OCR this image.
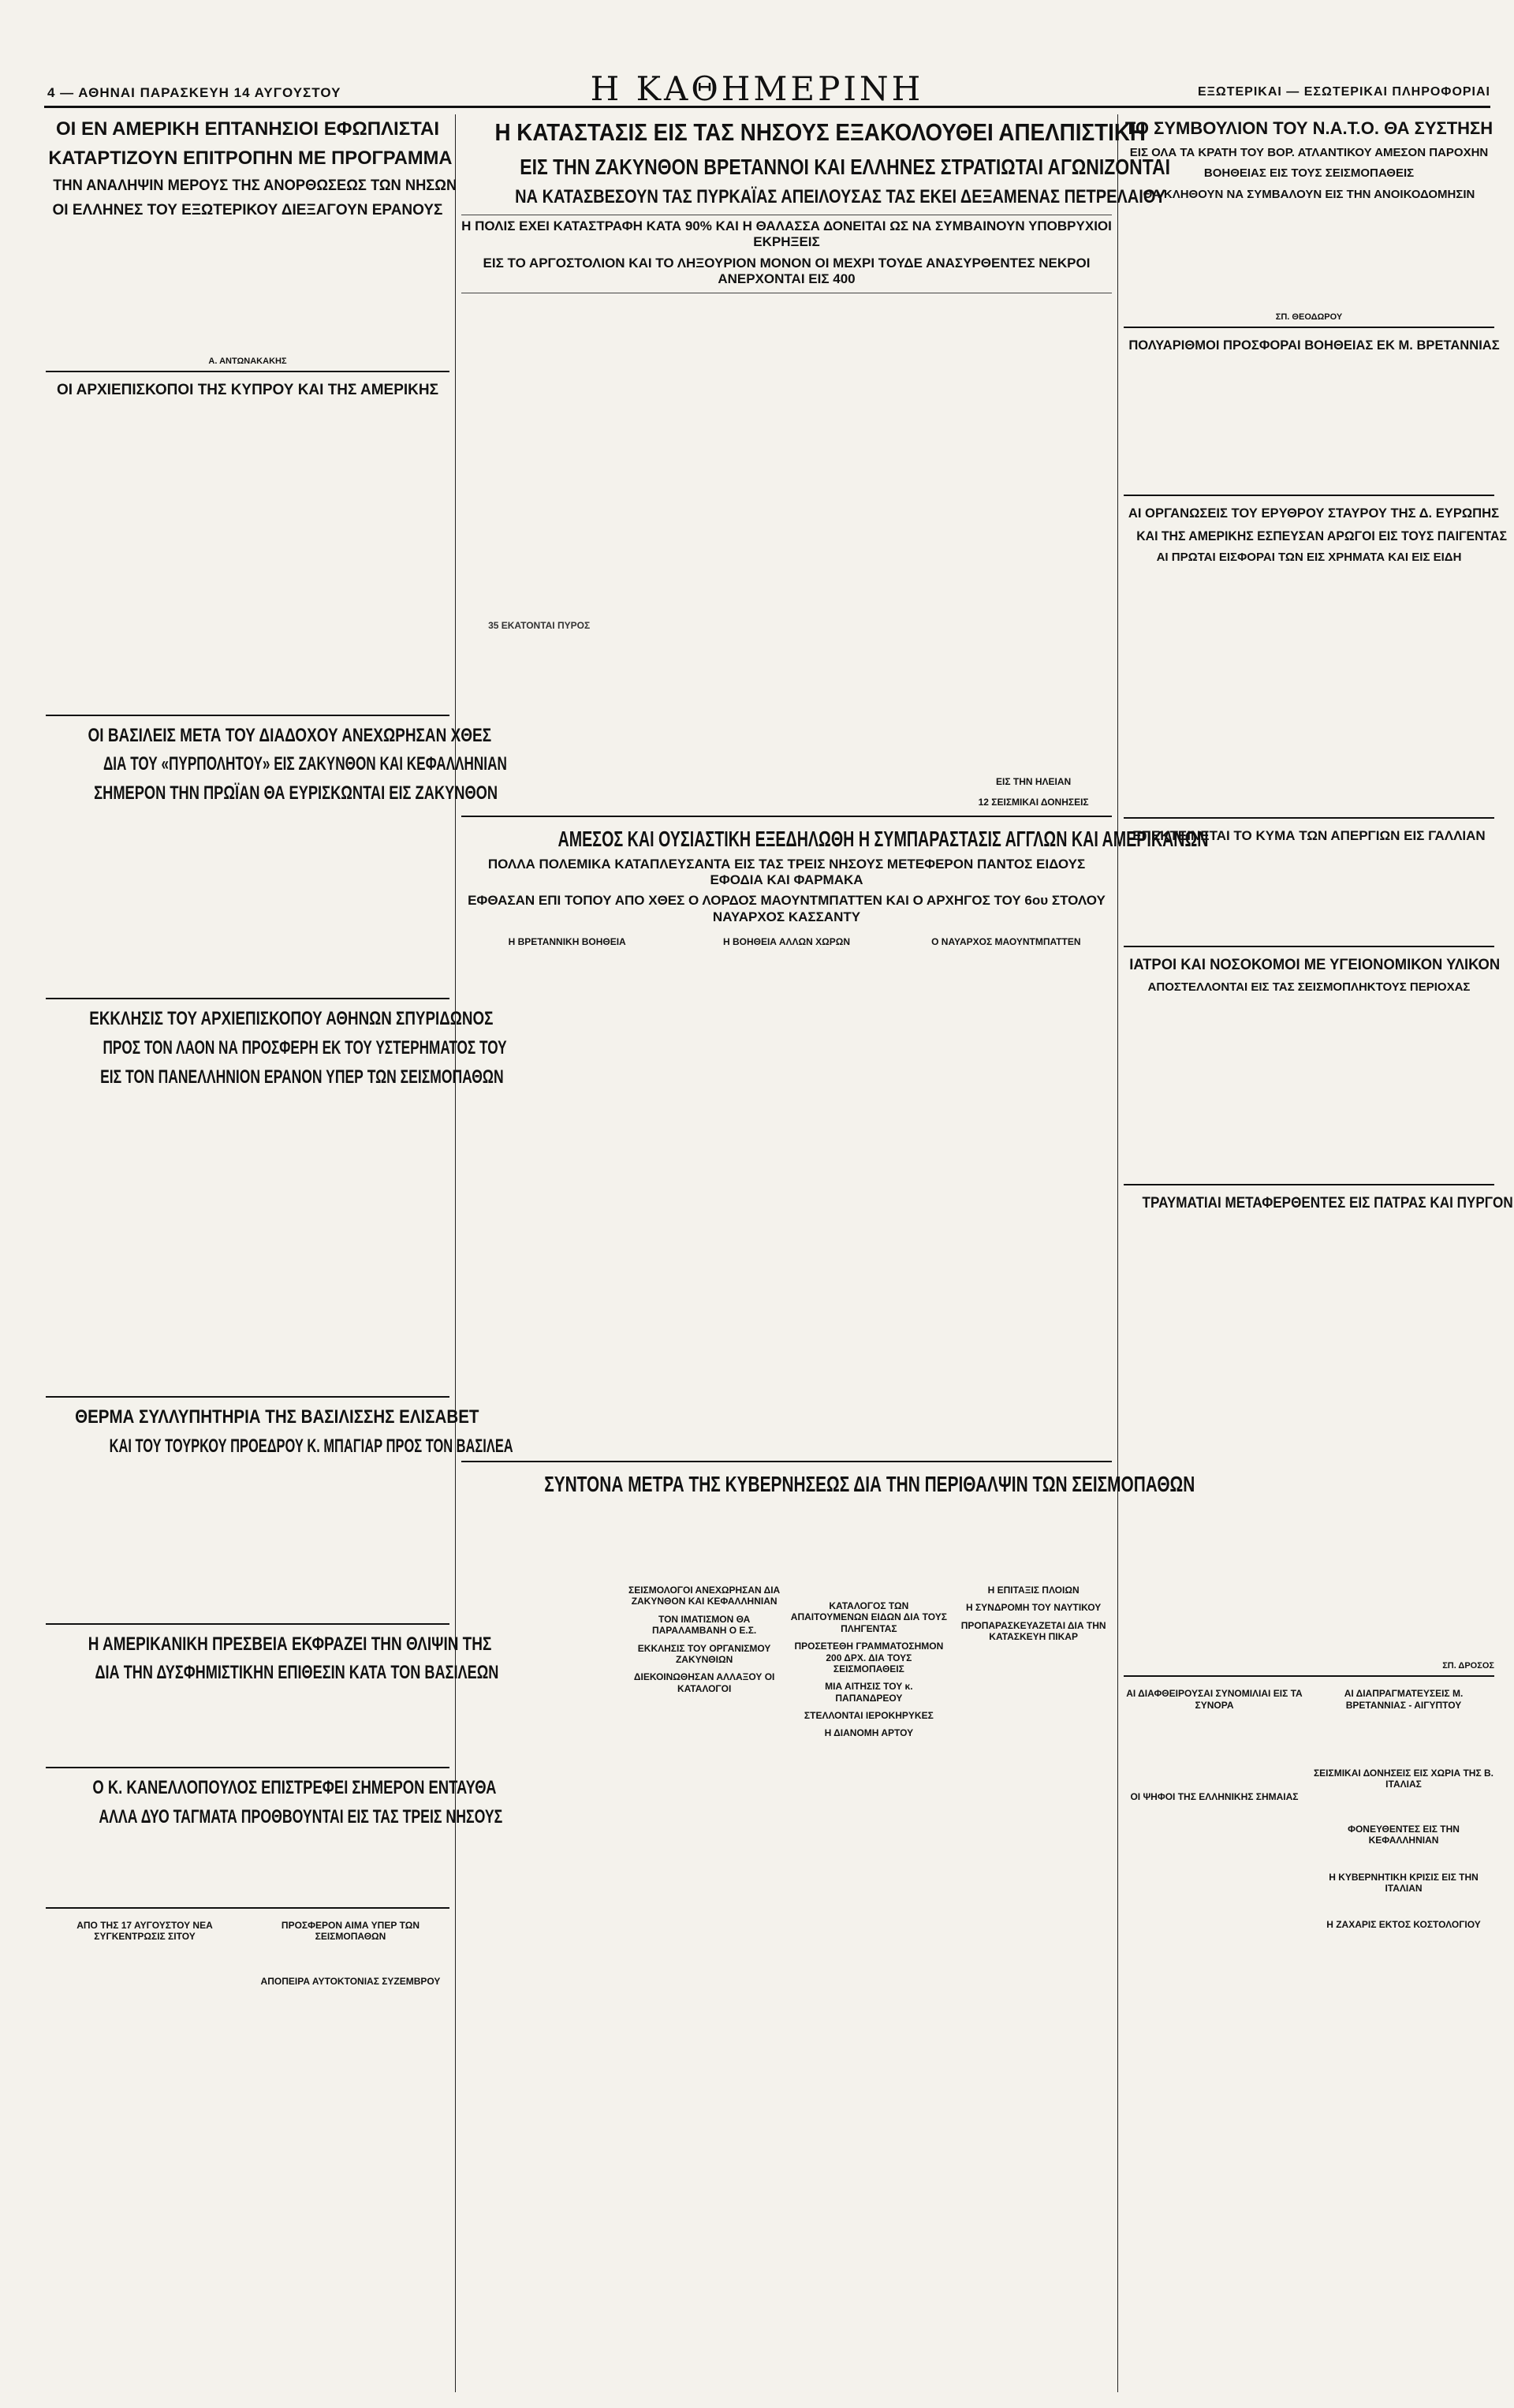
4 — ΑΘΗΝΑΙ ΠΑΡΑΣΚΕΥΗ 14 ΑΥΓΟΥΣΤΟΥ	Η ΚΑΘΗΜΕΡΙΝΗ	ΕΞΩΤΕΡΙΚΑΙ — ΕΣΩΤΕΡΙΚΑΙ ΠΛΗΡΟΦΟΡΙΑΙ
ΟΙ ΕΝ ΑΜΕΡΙΚΗ ΕΠΤΑΝΗΣΙΟΙ ΕΦΩΠΛΙΣΤΑΙ
ΚΑΤΑΡΤΙΖΟΥΝ ΕΠΙΤΡΟΠΗΝ ΜΕ ΠΡΟΓΡΑΜΜΑ
ΤΗΝ ΑΝΑΛΗΨΙΝ ΜΕΡΟΥΣ ΤΗΣ ΑΝΟΡΘΩΣΕΩΣ ΤΩΝ ΝΗΣΩΝ
ΟΙ ΕΛΛΗΝΕΣ ΤΟΥ ΕΞΩΤΕΡΙΚΟΥ ΔΙΕΞΑΓΟΥΝ ΕΡΑΝΟΥΣ
Α. ΑΝΤΩΝΑΚΑΚΗΣ
ΟΙ ΑΡΧΙΕΠΙΣΚΟΠΟΙ ΤΗΣ ΚΥΠΡΟΥ ΚΑΙ ΤΗΣ ΑΜΕΡΙΚΗΣ
ΟΙ ΒΑΣΙΛΕΙΣ ΜΕΤΑ ΤΟΥ ΔΙΑΔΟΧΟΥ ΑΝΕΧΩΡΗΣΑΝ ΧΘΕΣ
ΔΙΑ ΤΟΥ «ΠΥΡΠΟΛΗΤΟΥ» ΕΙΣ ΖΑΚΥΝΘΟΝ ΚΑΙ ΚΕΦΑΛΛΗΝΙΑΝ
ΣΗΜΕΡΟΝ ΤΗΝ ΠΡΩΪΑΝ ΘΑ ΕΥΡΙΣΚΩΝΤΑΙ ΕΙΣ ΖΑΚΥΝΘΟΝ
ΕΚΚΛΗΣΙΣ ΤΟΥ ΑΡΧΙΕΠΙΣΚΟΠΟΥ ΑΘΗΝΩΝ ΣΠΥΡΙΔΩΝΟΣ
ΠΡΟΣ ΤΟΝ ΛΑΟΝ ΝΑ ΠΡΟΣΦΕΡΗ ΕΚ ΤΟΥ ΥΣΤΕΡΗΜΑΤΟΣ ΤΟΥ
ΕΙΣ ΤΟΝ ΠΑΝΕΛΛΗΝΙΟΝ ΕΡΑΝΟΝ ΥΠΕΡ ΤΩΝ ΣΕΙΣΜΟΠΑΘΩΝ
ΘΕΡΜΑ ΣΥΛΛΥΠΗΤΗΡΙΑ ΤΗΣ ΒΑΣΙΛΙΣΣΗΣ ΕΛΙΣΑΒΕΤ
ΚΑΙ ΤΟΥ ΤΟΥΡΚΟΥ ΠΡΟΕΔΡΟΥ Κ. ΜΠΑΓΙΑΡ ΠΡΟΣ ΤΟΝ ΒΑΣΙΛΕΑ
Η ΑΜΕΡΙΚΑΝΙΚΗ ΠΡΕΣΒΕΙΑ ΕΚΦΡΑΖΕΙ ΤΗΝ ΘΛΙΨΙΝ ΤΗΣ
ΔΙΑ ΤΗΝ ΔΥΣΦΗΜΙΣΤΙΚΗΝ ΕΠΙΘΕΣΙΝ ΚΑΤΑ ΤΟΝ ΒΑΣΙΛΕΩΝ
Ο Κ. ΚΑΝΕΛΛΟΠΟΥΛΟΣ ΕΠΙΣΤΡΕΦΕΙ ΣΗΜΕΡΟΝ ΕΝΤΑΥΘΑ
ΑΛΛΑ ΔΥΟ ΤΑΓΜΑΤΑ ΠΡΟΘΒΟΥΝΤΑΙ ΕΙΣ ΤΑΣ ΤΡΕΙΣ ΝΗΣΟΥΣ
ΑΠΟ ΤΗΣ 17 ΑΥΓΟΥΣΤΟΥ ΝΕΑ ΣΥΓΚΕΝΤΡΩΣΙΣ ΣΙΤΟΥ
ΠΡΟΣΦΕΡΟΝ ΑΙΜΑ ΥΠΕΡ ΤΩΝ ΣΕΙΣΜΟΠΑΘΩΝ
ΑΠΟΠΕΙΡΑ ΑΥΤΟΚΤΟΝΙΑΣ ΣΥΖΕΜΒΡΟΥ
Η ΚΑΤΑΣΤΑΣΙΣ ΕΙΣ ΤΑΣ ΝΗΣΟΥΣ ΕΞΑΚΟΛΟΥΘΕΙ ΑΠΕΛΠΙΣΤΙΚΗ
ΕΙΣ ΤΗΝ ΖΑΚΥΝΘΟΝ ΒΡΕΤΑΝΝΟΙ ΚΑΙ ΕΛΛΗΝΕΣ ΣΤΡΑΤΙΩΤΑΙ ΑΓΩΝΙΖΟΝΤΑΙ
ΝΑ ΚΑΤΑΣΒΕΣΟΥΝ ΤΑΣ ΠΥΡΚΑΪΑΣ ΑΠΕΙΛΟΥΣΑΣ ΤΑΣ ΕΚΕΙ ΔΕΞΑΜΕΝΑΣ ΠΕΤΡΕΛΑΙΟΥ
Η ΠΟΛΙΣ ΕΧΕΙ ΚΑΤΑΣΤΡΑΦΗ ΚΑΤΑ 90% ΚΑΙ Η ΘΑΛΑΣΣΑ ΔΟΝΕΙΤΑΙ ΩΣ ΝΑ ΣΥΜΒΑΙΝΟΥΝ ΥΠΟΒΡΥΧΙΟΙ ΕΚΡΗΞΕΙΣ
ΕΙΣ ΤΟ ΑΡΓΟΣΤΟΛΙΟΝ ΚΑΙ ΤΟ ΛΗΞΟΥΡΙΟΝ ΜΟΝΟΝ ΟΙ ΜΕΧΡΙ ΤΟΥΔΕ ΑΝΑΣΥΡΘΕΝΤΕΣ ΝΕΚΡΟΙ ΑΝΕΡΧΟΝΤΑΙ ΕΙΣ 400
35 ΕΚΑΤΟΝΤΑΙ ΠΥΡΟΣ
ΕΙΣ ΤΗΝ ΗΛΕΙΑΝ
12 ΣΕΙΣΜΙΚΑΙ ΔΟΝΗΣΕΙΣ
ΑΜΕΣΟΣ ΚΑΙ ΟΥΣΙΑΣΤΙΚΗ ΕΞΕΔΗΛΩΘΗ Η ΣΥΜΠΑΡΑΣΤΑΣΙΣ ΑΓΓΛΩΝ ΚΑΙ ΑΜΕΡΙΚΑΝΩΝ
ΠΟΛΛΑ ΠΟΛΕΜΙΚΑ ΚΑΤΑΠΛΕΥΣΑΝΤΑ ΕΙΣ ΤΑΣ ΤΡΕΙΣ ΝΗΣΟΥΣ ΜΕΤΕΦΕΡΟΝ ΠΑΝΤΟΣ ΕΙΔΟΥΣ ΕΦΟΔΙΑ ΚΑΙ ΦΑΡΜΑΚΑ
ΕΦΘΑΣΑΝ ΕΠΙ ΤΟΠΟΥ ΑΠΟ ΧΘΕΣ Ο ΛΟΡΔΟΣ ΜΑΟΥΝΤΜΠΑΤΤΕΝ ΚΑΙ Ο ΑΡΧΗΓΟΣ ΤΟΥ 6ου ΣΤΟΛΟΥ ΝΑΥΑΡΧΟΣ ΚΑΣΣΑΝΤΥ
Η ΒΡΕΤΑΝΝΙΚΗ ΒΟΗΘΕΙΑ	Η ΒΟΗΘΕΙΑ ΑΛΛΩΝ ΧΩΡΩΝ	Ο ΝΑΥΑΡΧΟΣ ΜΑΟΥΝΤΜΠΑΤΤΕΝ
ΣΥΝΤΟΝΑ ΜΕΤΡΑ ΤΗΣ ΚΥΒΕΡΝΗΣΕΩΣ ΔΙΑ ΤΗΝ ΠΕΡΙΘΑΛΨΙΝ ΤΩΝ ΣΕΙΣΜΟΠΑΘΩΝ
ΣΕΙΣΜΟΛΟΓΟΙ ΑΝΕΧΩΡΗΣΑΝ ΔΙΑ ΖΑΚΥΝΘΟΝ ΚΑΙ ΚΕΦΑΛΛΗΝΙΑΝ
ΤΟΝ ΙΜΑΤΙΣΜΟΝ ΘΑ ΠΑΡΑΛΑΜΒΑΝΗ Ο Ε.Σ.
ΕΚΚΛΗΣΙΣ ΤΟΥ ΟΡΓΑΝΙΣΜΟΥ ΖΑΚΥΝΘΙΩΝ
ΔΙΕΚΟΙΝΩΘΗΣΑΝ ΑΛΛΑΞΟΥ ΟΙ ΚΑΤΑΛΟΓΟΙ
ΚΑΤΑΛΟΓΟΣ ΤΩΝ ΑΠΑΙΤΟΥΜΕΝΩΝ ΕΙΔΩΝ ΔΙΑ ΤΟΥΣ ΠΛΗΓΕΝΤΑΣ
ΠΡΟΣΕΤΕΘΗ ΓΡΑΜΜΑΤΟΣΗΜΟΝ 200 ΔΡΧ. ΔΙΑ ΤΟΥΣ ΣΕΙΣΜΟΠΑΘΕΙΣ
ΜΙΑ ΑΙΤΗΣΙΣ ΤΟΥ κ. ΠΑΠΑΝΔΡΕΟΥ
ΣΤΕΛΛΟΝΤΑΙ ΙΕΡΟΚΗΡΥΚΕΣ
Η ΔΙΑΝΟΜΗ ΑΡΤΟΥ
Η ΕΠΙΤΑΞΙΣ ΠΛΟΙΩΝ
Η ΣΥΝΔΡΟΜΗ ΤΟΥ ΝΑΥΤΙΚΟΥ
ΠΡΟΠΑΡΑΣΚΕΥΑΖΕΤΑΙ ΔΙΑ ΤΗΝ ΚΑΤΑΣΚΕΥΗ ΠΙΚΑΡ
ΤΟ ΣΥΜΒΟΥΛΙΟΝ ΤΟΥ Ν.Α.Τ.Ο. ΘΑ ΣΥΣΤΗΣΗ
ΕΙΣ ΟΛΑ ΤΑ ΚΡΑΤΗ ΤΟΥ ΒΟΡ. ΑΤΛΑΝΤΙΚΟΥ ΑΜΕΣΟΝ ΠΑΡΟΧΗΝ
ΒΟΗΘΕΙΑΣ ΕΙΣ ΤΟΥΣ ΣΕΙΣΜΟΠΑΘΕΙΣ
ΘΑ ΚΛΗΘΟΥΝ ΝΑ ΣΥΜΒΑΛΟΥΝ ΕΙΣ ΤΗΝ ΑΝΟΙΚΟΔΟΜΗΣΙΝ
ΣΠ. ΘΕΟΔΩΡΟΥ
ΠΟΛΥΑΡΙΘΜΟΙ ΠΡΟΣΦΟΡΑΙ ΒΟΗΘΕΙΑΣ ΕΚ Μ. ΒΡΕΤΑΝΝΙΑΣ
ΑΙ ΟΡΓΑΝΩΣΕΙΣ ΤΟΥ ΕΡΥΘΡΟΥ ΣΤΑΥΡΟΥ ΤΗΣ Δ. ΕΥΡΩΠΗΣ
ΚΑΙ ΤΗΣ ΑΜΕΡΙΚΗΣ ΕΣΠΕΥΣΑΝ ΑΡΩΓΟΙ ΕΙΣ ΤΟΥΣ ΠΑΙΓΕΝΤΑΣ
ΑΙ ΠΡΩΤΑΙ ΕΙΣΦΟΡΑΙ ΤΩΝ ΕΙΣ ΧΡΗΜΑΤΑ ΚΑΙ ΕΙΣ ΕΙΔΗ
ΕΠΕΚΤΕΙΝΕΤΑΙ ΤΟ ΚΥΜΑ ΤΩΝ ΑΠΕΡΓΙΩΝ ΕΙΣ ΓΑΛΛΙΑΝ
ΙΑΤΡΟΙ ΚΑΙ ΝΟΣΟΚΟΜΟΙ ΜΕ ΥΓΕΙΟΝΟΜΙΚΟΝ ΥΛΙΚΟΝ
ΑΠΟΣΤΕΛΛΟΝΤΑΙ ΕΙΣ ΤΑΣ ΣΕΙΣΜΟΠΛΗΚΤΟΥΣ ΠΕΡΙΟΧΑΣ
ΤΡΑΥΜΑΤΙΑΙ ΜΕΤΑΦΕΡΘΕΝΤΕΣ ΕΙΣ ΠΑΤΡΑΣ ΚΑΙ ΠΥΡΓΟΝ
ΣΠ. ΔΡΟΣΟΣ
ΑΙ ΔΙΑΦΘΕΙΡΟΥΣΑΙ ΣΥΝΟΜΙΛΙΑΙ ΕΙΣ ΤΑ ΣΥΝΟΡΑ
ΟΙ ΨΗΦΟΙ ΤΗΣ ΕΛΛΗΝΙΚΗΣ ΣΗΜΑΙΑΣ
ΑΙ ΔΙΑΠΡΑΓΜΑΤΕΥΣΕΙΣ Μ. ΒΡΕΤΑΝΝΙΑΣ - ΑΙΓΥΠΤΟΥ
ΣΕΙΣΜΙΚΑΙ ΔΟΝΗΣΕΙΣ ΕΙΣ ΧΩΡΙΑ ΤΗΣ Β. ΙΤΑΛΙΑΣ
ΦΟΝΕΥΘΕΝΤΕΣ ΕΙΣ ΤΗΝ ΚΕΦΑΛΛΗΝΙΑΝ
Η ΚΥΒΕΡΝΗΤΙΚΗ ΚΡΙΣΙΣ ΕΙΣ ΤΗΝ ΙΤΑΛΙΑΝ
Η ΖΑΧΑΡΙΣ ΕΚΤΟΣ ΚΟΣΤΟΛΟΓΙΟΥ
